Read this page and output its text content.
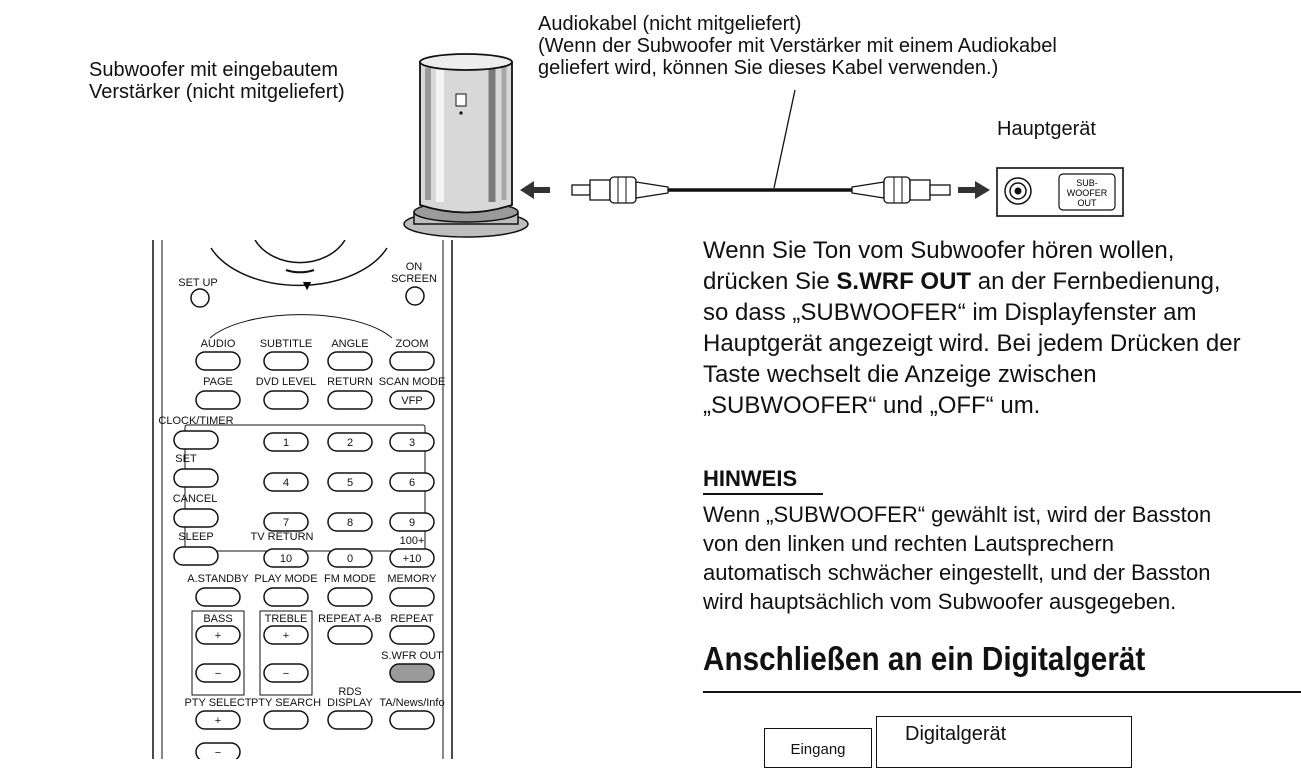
Subwoofer mit eingebautem
Verstärker (nicht mitgeliefert)
Audiokabel (nicht mitgeliefert)
(Wenn der Subwoofer mit Verstärker mit einem Audiokabel
geliefert wird, können Sie dieses Kabel verwenden.)
Hauptgerät
SUB-
WOOFER
OUT
▼
SET UP
ON
SCREEN
AUDIO SUBTITLE ANGLE ZOOM
PAGE DVD LEVEL RETURN SCAN MODE
VFP
CLOCK/TIMER
SET
CANCEL
SLEEP
1	2	3
4	5	6
7	8	9
10	0	+10
TV RETURN	100+
A.STANDBY PLAY MODE FM MODE MEMORY
BASS
+
−
TREBLE
+
−
REPEAT A-B REPEAT
S.WFR OUT
PTY SELECT
+
−
PTY SEARCH
RDS
DISPLAY TA/News/Info
Wenn Sie Ton vom Subwoofer hören wollen,
drücken Sie S.WRF OUT an der Fernbedienung,
so dass „SUBWOOFER“ im Displayfenster am
Hauptgerät angezeigt wird. Bei jedem Drücken der
Taste wechselt die Anzeige zwischen
„SUBWOOFER“ und „OFF“ um.
HINWEIS
Wenn „SUBWOOFER“ gewählt ist, wird der Basston
von den linken und rechten Lautsprechern
automatisch schwächer eingestellt, und der Basston
wird hauptsächlich vom Subwoofer ausgegeben.
Anschließen an ein Digitalgerät
Eingang
Digitalgerät
